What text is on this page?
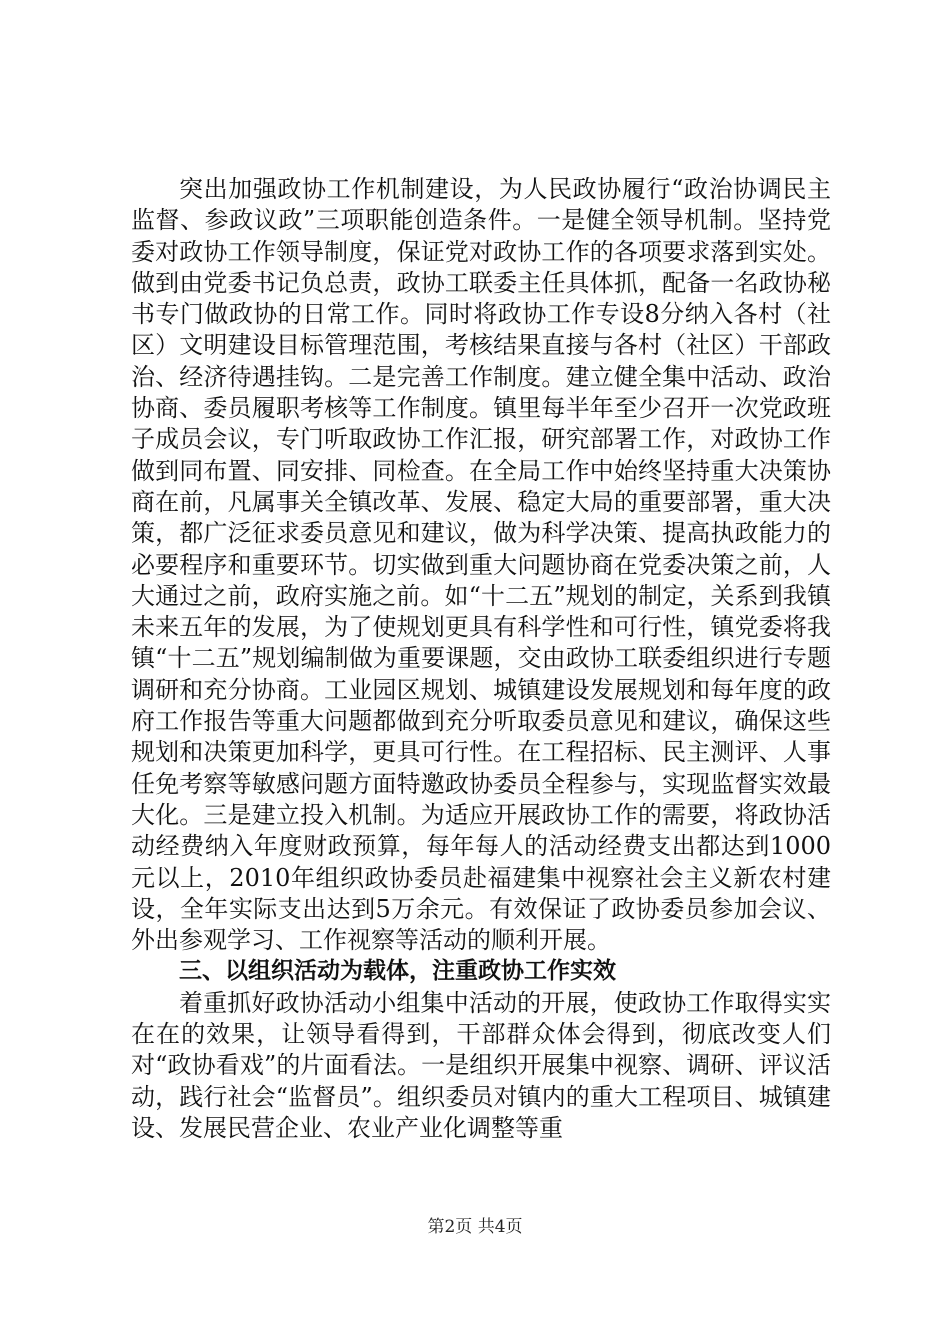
突出加强政协工作机制建设，为人民政协履行“政治协调民主监督、参政议政”三项职能创造条件。一是健全领导机制。坚持党委对政协工作领导制度，保证党对政协工作的各项要求落到实处。做到由党委书记负总责，政协工联委主任具体抓，配备一名政协秘书专门做政协的日常工作。同时将政协工作专设8分纳入各村（社区）文明建设目标管理范围，考核结果直接与各村（社区）干部政治、经济待遇挂钩。二是完善工作制度。建立健全集中活动、政治协商、委员履职考核等工作制度。镇里每半年至少召开一次党政班子成员会议，专门听取政协工作汇报，研究部署工作，对政协工作做到同布置、同安排、同检查。在全局工作中始终坚持重大决策协商在前，凡属事关全镇改革、发展、稳定大局的重要部署，重大决策，都广泛征求委员意见和建议，做为科学决策、提高执政能力的必要程序和重要环节。切实做到重大问题协商在党委决策之前，人大通过之前，政府实施之前。如“十二五”规划的制定，关系到我镇未来五年的发展，为了使规划更具有科学性和可行性，镇党委将我镇“十二五”规划编制做为重要课题，交由政协工联委组织进行专题调研和充分协商。工业园区规划、城镇建设发展规划和每年度的政府工作报告等重大问题都做到充分听取委员意见和建议，确保这些规划和决策更加科学，更具可行性。在工程招标、民主测评、人事任免考察等敏感问题方面特邀政协委员全程参与，实现监督实效最大化。三是建立投入机制。为适应开展政协工作的需要，将政协活动经费纳入年度财政预算，每年每人的活动经费支出都达到1000元以上，2010年组织政协委员赴福建集中视察社会主义新农村建设，全年实际支出达到5万余元。有效保证了政协委员参加会议、外出参观学习、工作视察等活动的顺利开展。

三、以组织活动为载体，注重政协工作实效

着重抓好政协活动小组集中活动的开展，使政协工作取得实实在在的效果，让领导看得到，干部群众体会得到，彻底改变人们对“政协看戏”的片面看法。一是组织开展集中视察、调研、评议活动，践行社会“监督员”。组织委员对镇内的重大工程项目、城镇建设、发展民营企业、农业产业化调整等重

第2页 共4页
